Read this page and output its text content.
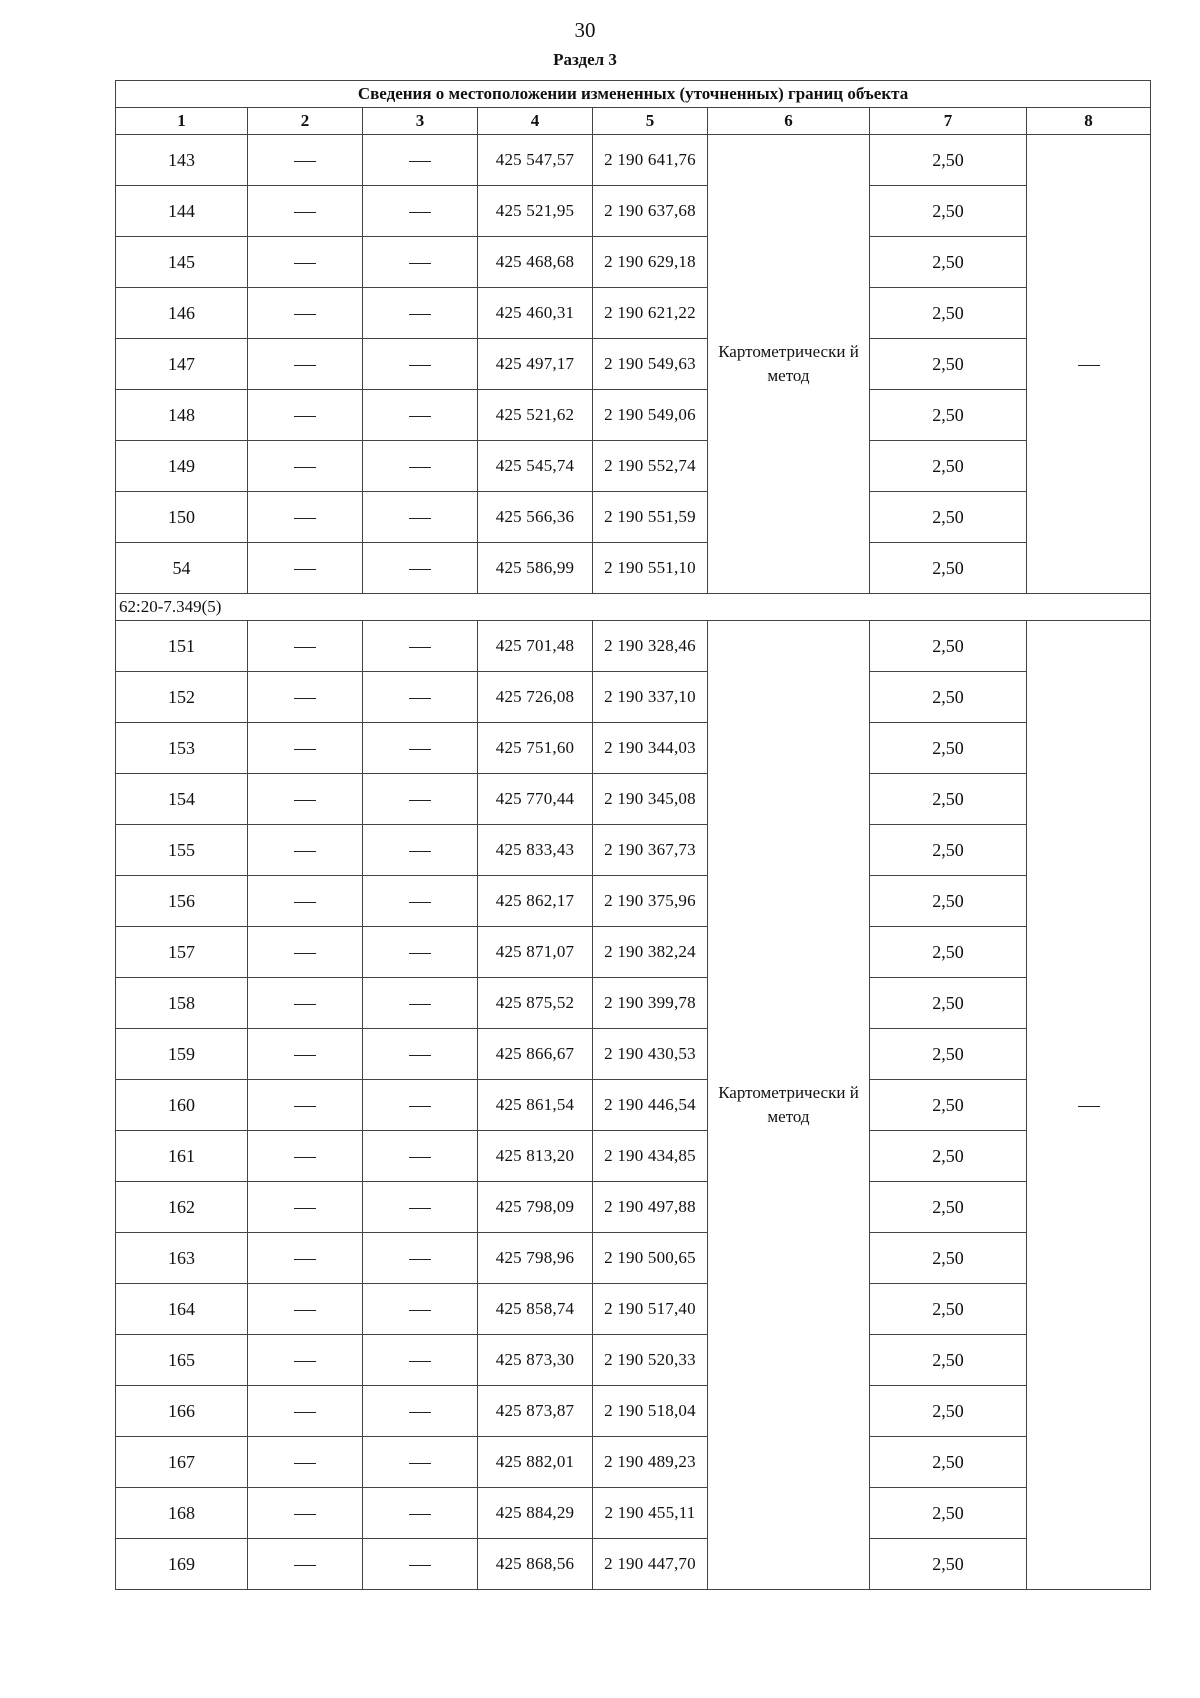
30
Раздел 3
Сведения о местоположении измененных (уточненных) границ объекта							
1	2	3	4	5	6	7	8
143			425 547,57	2 190 641,76	Картометрически й метод	2,50	
144			425 521,95	2 190 637,68		2,50	
145			425 468,68	2 190 629,18		2,50	
146			425 460,31	2 190 621,22		2,50	
147			425 497,17	2 190 549,63		2,50	
148			425 521,62	2 190 549,06		2,50	
149			425 545,74	2 190 552,74		2,50	
150			425 566,36	2 190 551,59		2,50	
54			425 586,99	2 190 551,10		2,50	
62:20-7.349(5)							
151			425 701,48	2 190 328,46	Картометрически й метод	2,50	
152			425 726,08	2 190 337,10		2,50	
153			425 751,60	2 190 344,03		2,50	
154			425 770,44	2 190 345,08		2,50	
155			425 833,43	2 190 367,73		2,50	
156			425 862,17	2 190 375,96		2,50	
157			425 871,07	2 190 382,24		2,50	
158			425 875,52	2 190 399,78		2,50	
159			425 866,67	2 190 430,53		2,50	
160			425 861,54	2 190 446,54		2,50	
161			425 813,20	2 190 434,85		2,50	
162			425 798,09	2 190 497,88		2,50	
163			425 798,96	2 190 500,65		2,50	
164			425 858,74	2 190 517,40		2,50	
165			425 873,30	2 190 520,33		2,50	
166			425 873,87	2 190 518,04		2,50	
167			425 882,01	2 190 489,23		2,50	
168			425 884,29	2 190 455,11		2,50	
169			425 868,56	2 190 447,70		2,50	
